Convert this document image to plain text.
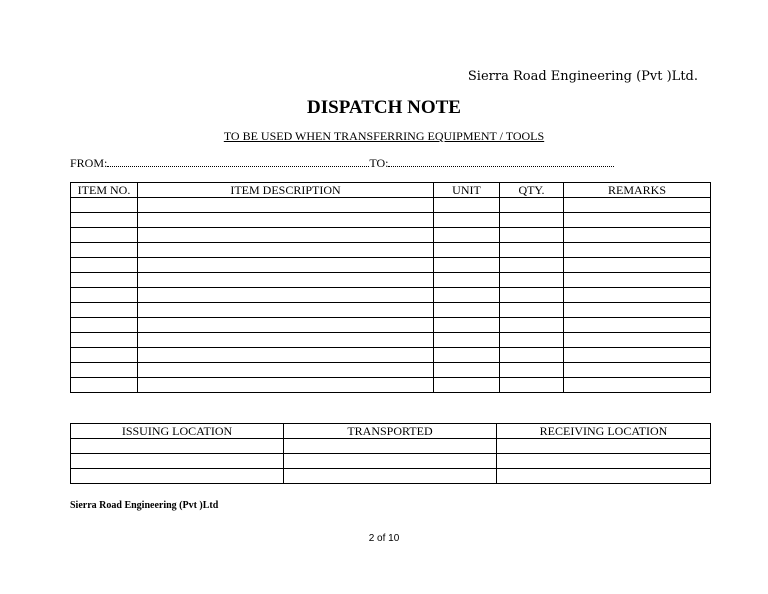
Sierra Road Engineering (Pvt )Ltd.
DISPATCH NOTE
TO BE USED WHEN TRANSFERRING EQUIPMENT / TOOLS
FROM:	TO:
ITEM NO.	ITEM DESCRIPTION	UNIT	QTY.	REMARKS

ISSUING LOCATION	TRANSPORTED	RECEIVING LOCATION

Sierra Road Engineering (Pvt )Ltd
2 of 10
